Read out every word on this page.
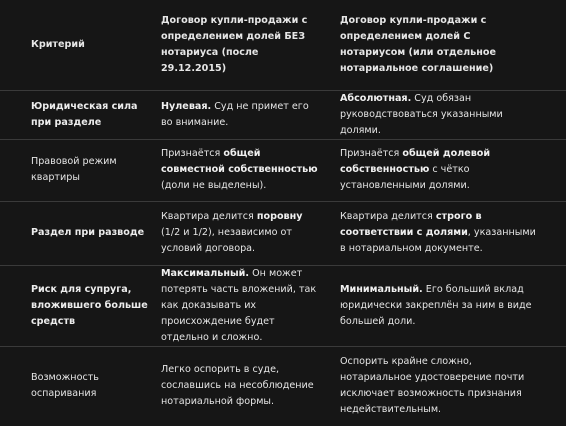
Критерий	Договор купли-продажи с определением долей БЕЗ нотариуса (после 29.12.2015)	Договор купли-продажи с определением долей С нотариусом (или отдельное нотариальное соглашение)
Юридическая сила при разделе	Нулевая. Суд не примет его во внимание.	Абсолютная. Суд обязан руководствоваться указанными долями.
Правовой режим квартиры	Признаётся общей совместной собственностью (доли не выделены).	Признаётся общей долевой собственностью с чётко установленными долями.
Раздел при разводе	Квартира делится поровну (1/2 и 1/2), независимо от условий договора.	Квартира делится строго в соответствии с долями, указанными в нотариальном документе.
Риск для супруга, вложившего больше средств	Максимальный. Он может потерять часть вложений, так как доказывать их происхождение будет отдельно и сложно.	Минимальный. Его больший вклад юридически закреплён за ним в виде большей доли.
Возможность оспаривания	Легко оспорить в суде, сославшись на несоблюдение нотариальной формы.	Оспорить крайне сложно, нотариальное удостоверение почти исключает возможность признания недействительным.
